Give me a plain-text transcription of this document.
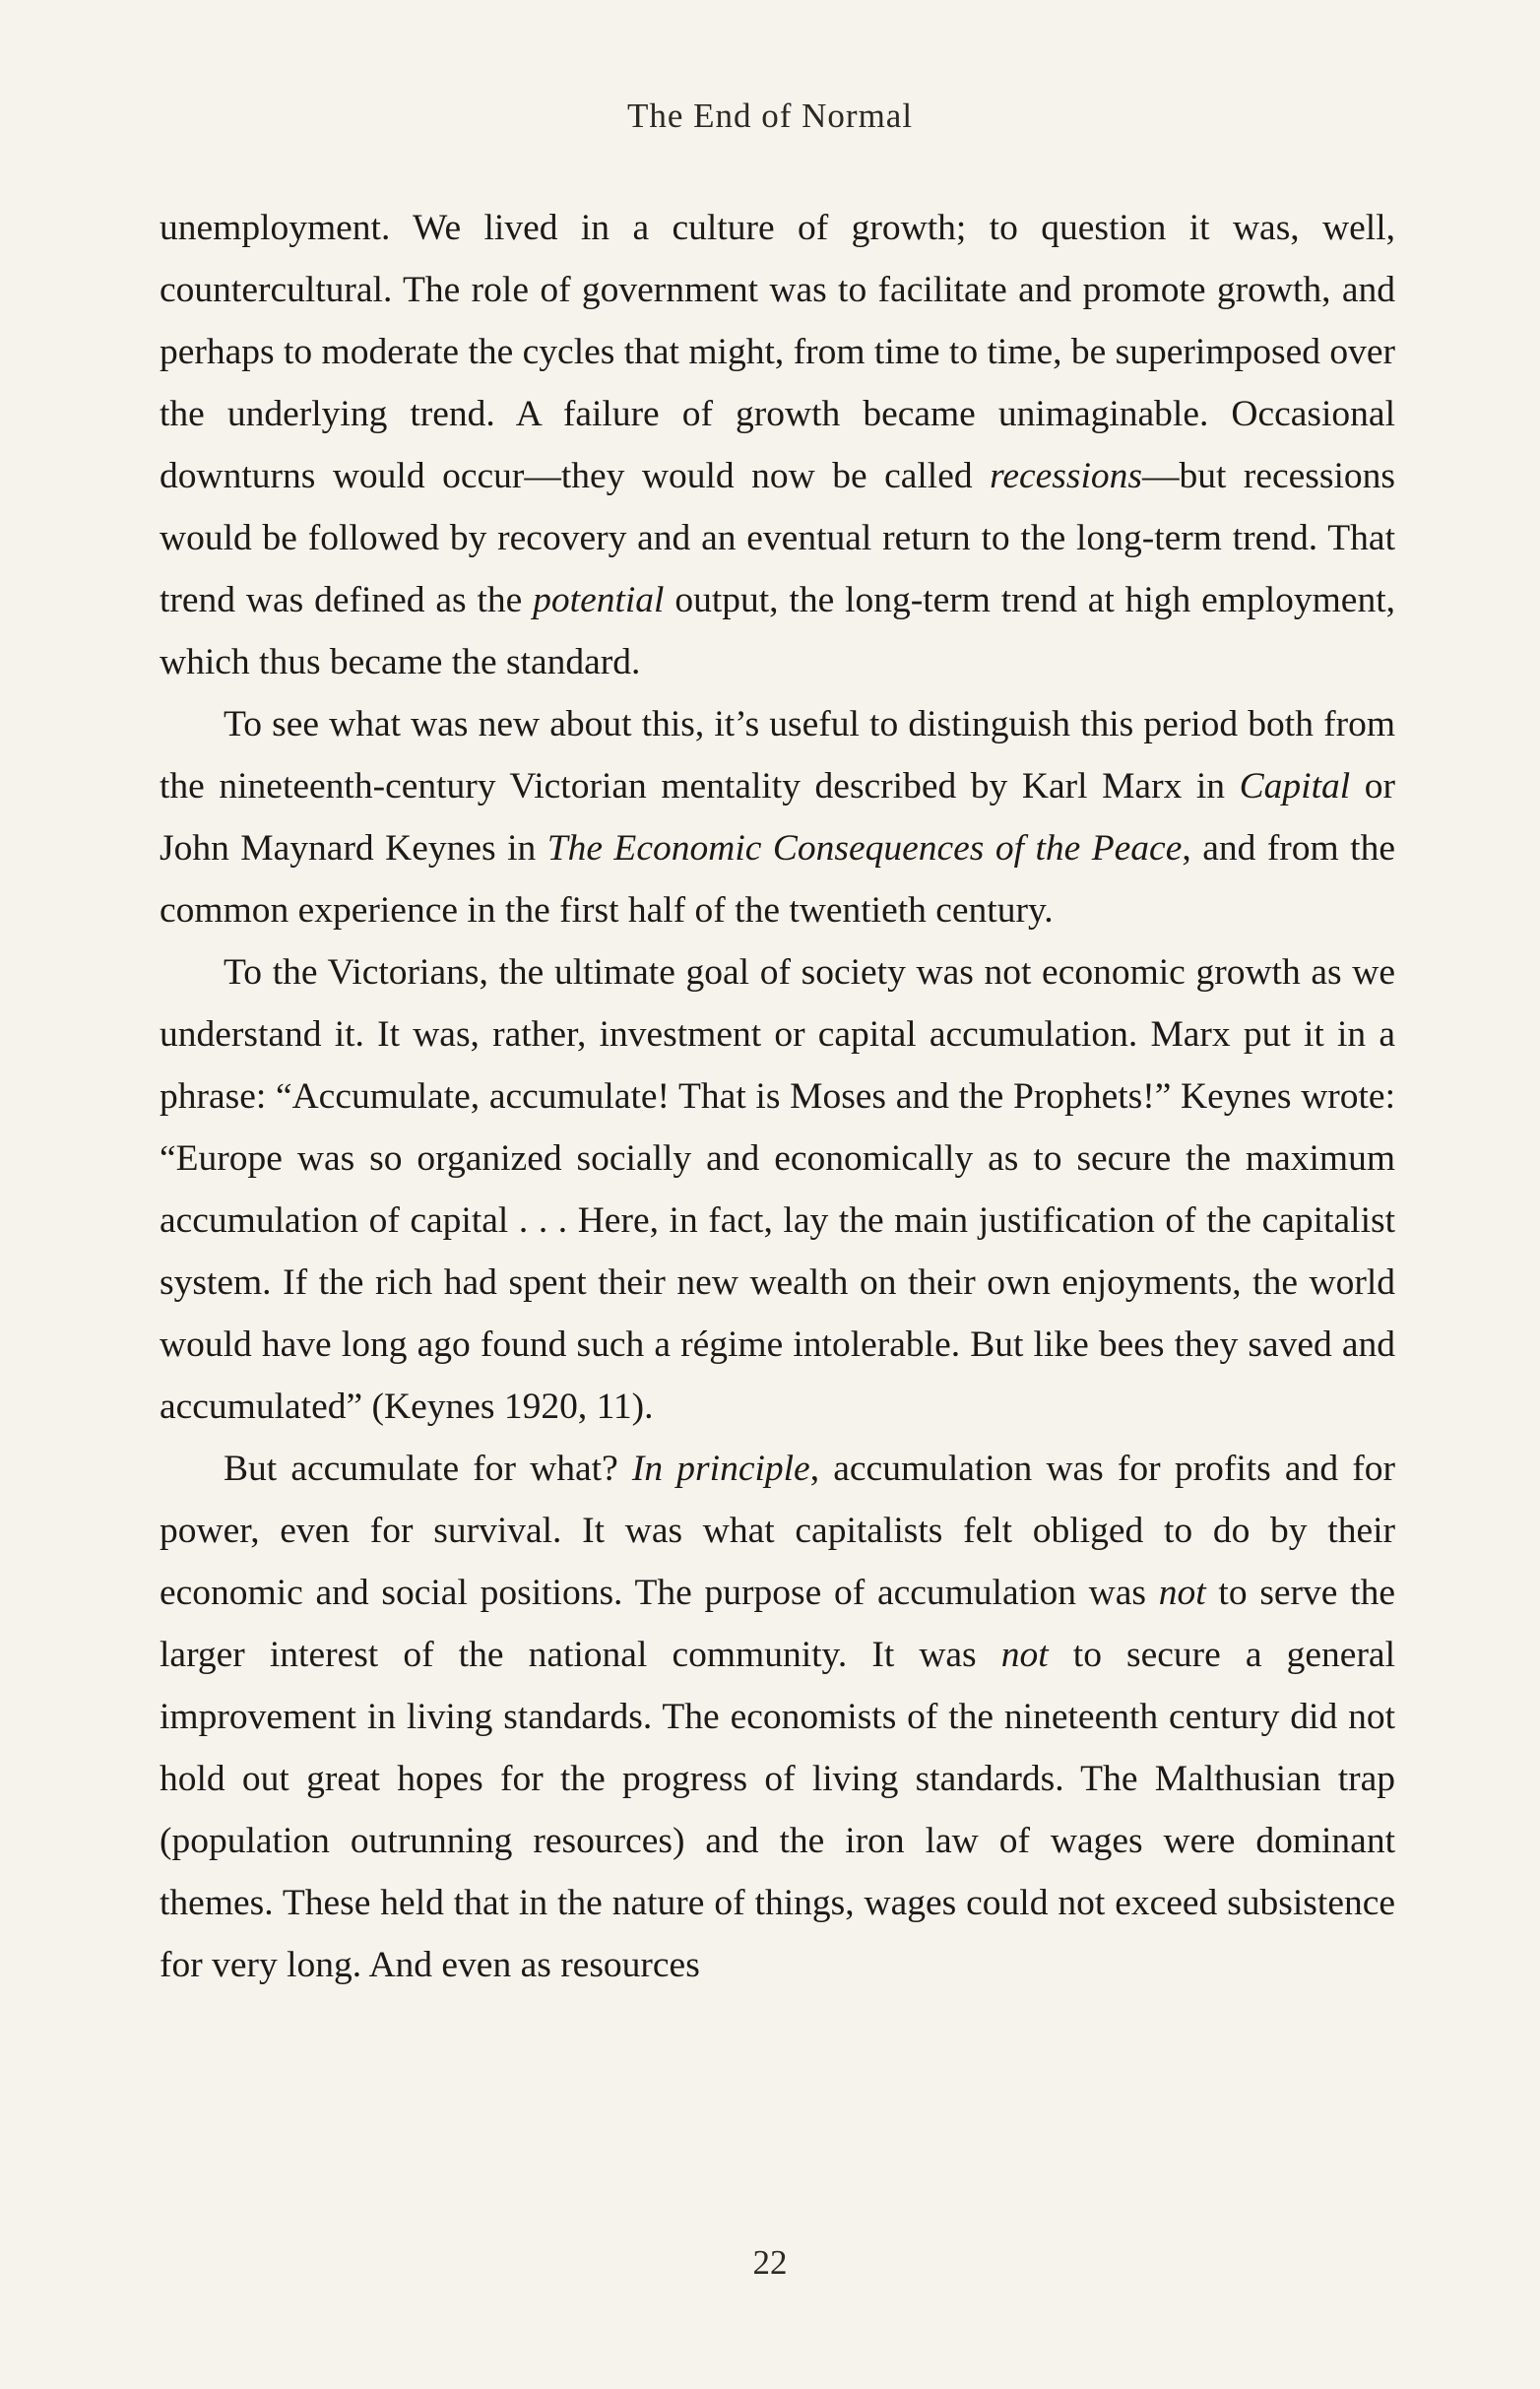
The End of Normal

unemployment. We lived in a culture of growth; to question it was, well, countercultural. The role of government was to facilitate and promote growth, and perhaps to moderate the cycles that might, from time to time, be superimposed over the underlying trend. A failure of growth became unimaginable. Occasional downturns would occur—they would now be called recessions—but recessions would be followed by recovery and an eventual return to the long-term trend. That trend was defined as the potential output, the long-term trend at high employment, which thus became the standard.

To see what was new about this, it’s useful to distinguish this period both from the nineteenth-century Victorian mentality described by Karl Marx in Capital or John Maynard Keynes in The Economic Consequences of the Peace, and from the common experience in the first half of the twentieth century.

To the Victorians, the ultimate goal of society was not economic growth as we understand it. It was, rather, investment or capital accumulation. Marx put it in a phrase: “Accumulate, accumulate! That is Moses and the Prophets!” Keynes wrote: “Europe was so organized socially and economically as to secure the maximum accumulation of capital . . . Here, in fact, lay the main justification of the capitalist system. If the rich had spent their new wealth on their own enjoyments, the world would have long ago found such a régime intolerable. But like bees they saved and accumulated” (Keynes 1920, 11).

But accumulate for what? In principle, accumulation was for profits and for power, even for survival. It was what capitalists felt obliged to do by their economic and social positions. The purpose of accumulation was not to serve the larger interest of the national community. It was not to secure a general improvement in living standards. The economists of the nineteenth century did not hold out great hopes for the progress of living standards. The Malthusian trap (population outrunning resources) and the iron law of wages were dominant themes. These held that in the nature of things, wages could not exceed subsistence for very long. And even as resources

22
